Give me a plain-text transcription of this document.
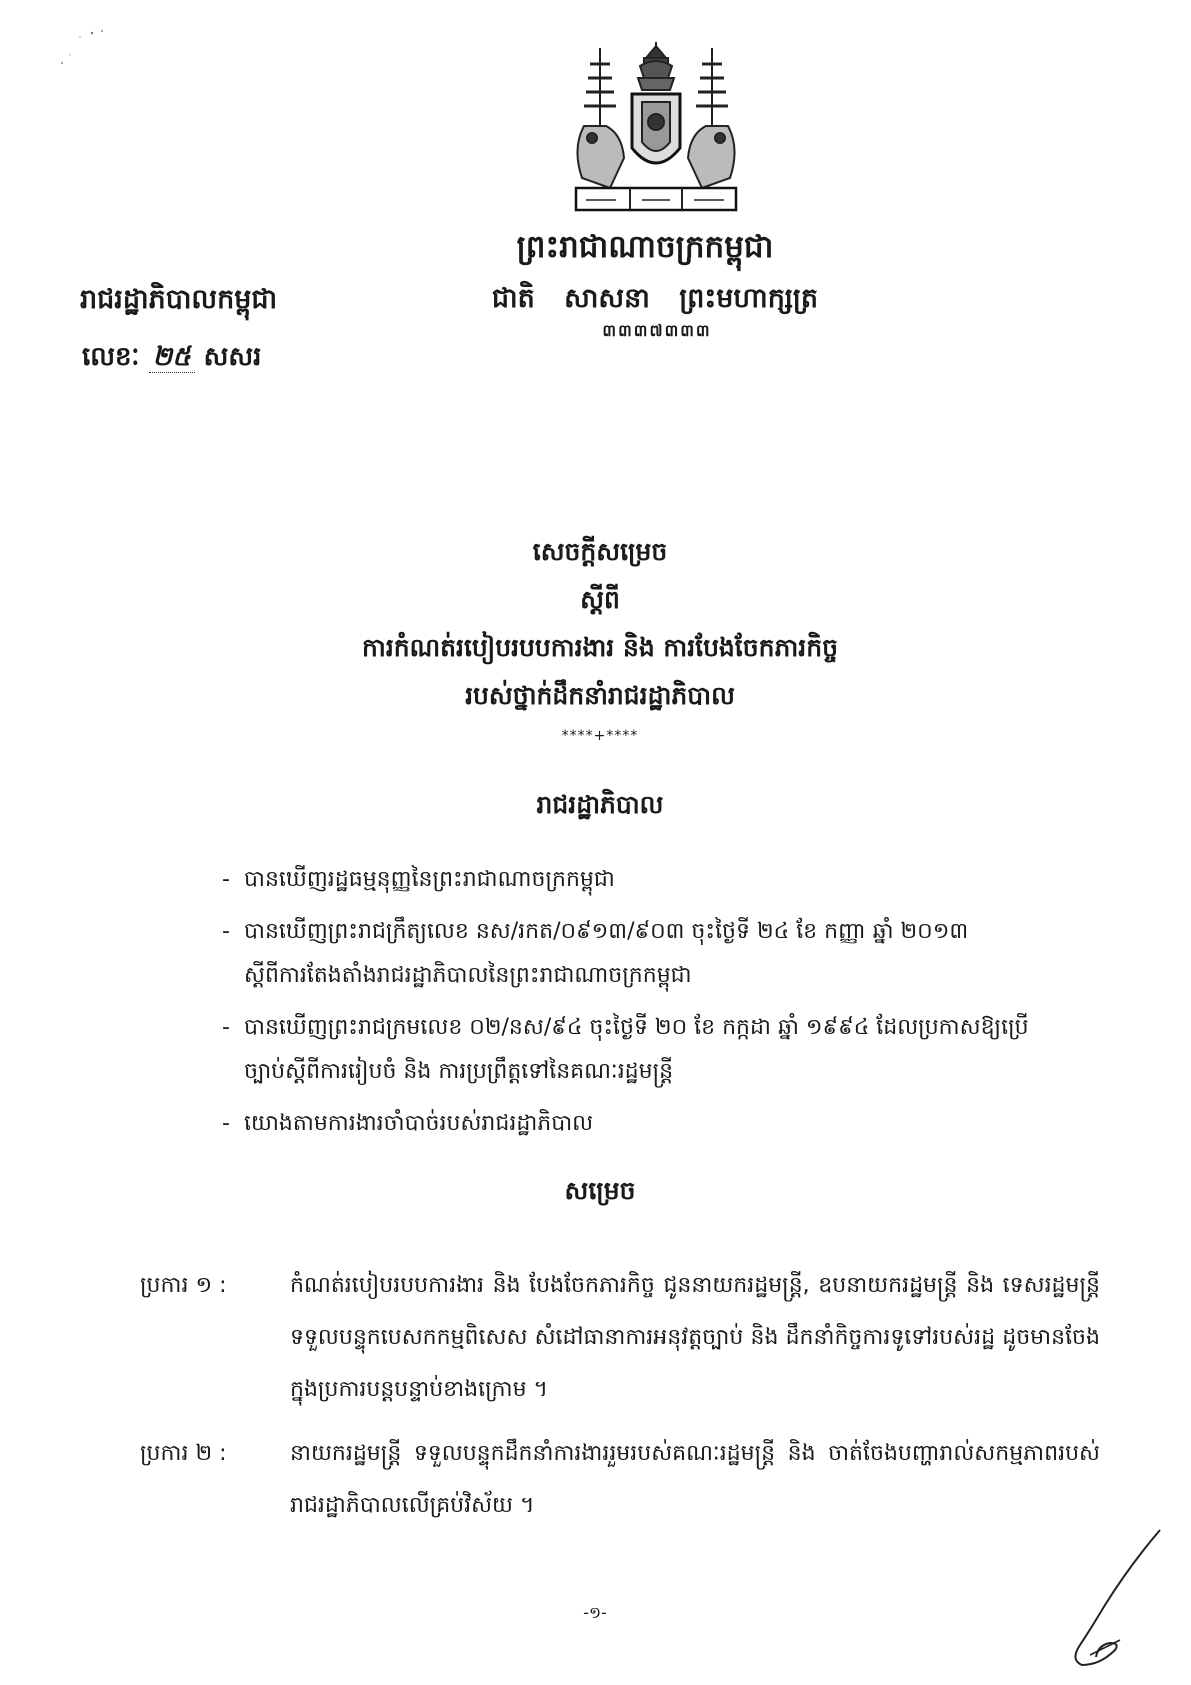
ព្រះរាជាណាចក្រកម្ពុជា
ជាតិ សាសនា ព្រះមហាក្សត្រ
៣៣៣៧៣៣៣
រាជរដ្ឋាភិបាលកម្ពុជា
លេខៈ ២៥ សសរ
សេចក្តីសម្រេច
ស្តីពី
ការកំណត់របៀបរបបការងារ និង ការបែងចែកភារកិច្ច
របស់ថ្នាក់ដឹកនាំរាជរដ្ឋាភិបាល
****+****
រាជរដ្ឋាភិបាល
- បានឃើញរដ្ឋធម្មនុញ្ញនៃព្រះរាជាណាចក្រកម្ពុជា
- បានឃើញព្រះរាជក្រឹត្យលេខ នស/រកត/០៩១៣/៩០៣ ចុះថ្ងៃទី ២៤ ខែ កញ្ញា ឆ្នាំ ២០១៣
ស្តីពីការតែងតាំងរាជរដ្ឋាភិបាលនៃព្រះរាជាណាចក្រកម្ពុជា
- បានឃើញព្រះរាជក្រមលេខ ០២/នស/៩៤ ចុះថ្ងៃទី ២០ ខែ កក្កដា ឆ្នាំ ១៩៩៤ ដែលប្រកាសឱ្យប្រើ
ច្បាប់ស្តីពីការរៀបចំ និង ការប្រព្រឹត្តទៅនៃគណៈរដ្ឋមន្ត្រី
- យោងតាមការងារចាំបាច់របស់រាជរដ្ឋាភិបាល
សម្រេច
ប្រការ ១ :	កំណត់របៀបរបបការងារ និង បែងចែកភារកិច្ច ជូននាយករដ្ឋមន្ត្រី, ឧបនាយករដ្ឋមន្ត្រី និង ទេសរដ្ឋមន្ត្រីទទួលបន្ទុកបេសកកម្មពិសេស សំដៅធានាការអនុវត្តច្បាប់ និង ដឹកនាំកិច្ចការទូទៅរបស់រដ្ឋ ដូចមានចែងក្នុងប្រការបន្តបន្ទាប់ខាងក្រោម ។
ប្រការ ២ :	នាយករដ្ឋមន្ត្រី ទទួលបន្ទុកដឹកនាំការងាររួមរបស់គណៈរដ្ឋមន្ត្រី និង ចាត់ចែងបញ្ហារាល់សកម្មភាពរបស់រាជរដ្ឋាភិបាលលើគ្រប់វិស័យ ។
-១-
